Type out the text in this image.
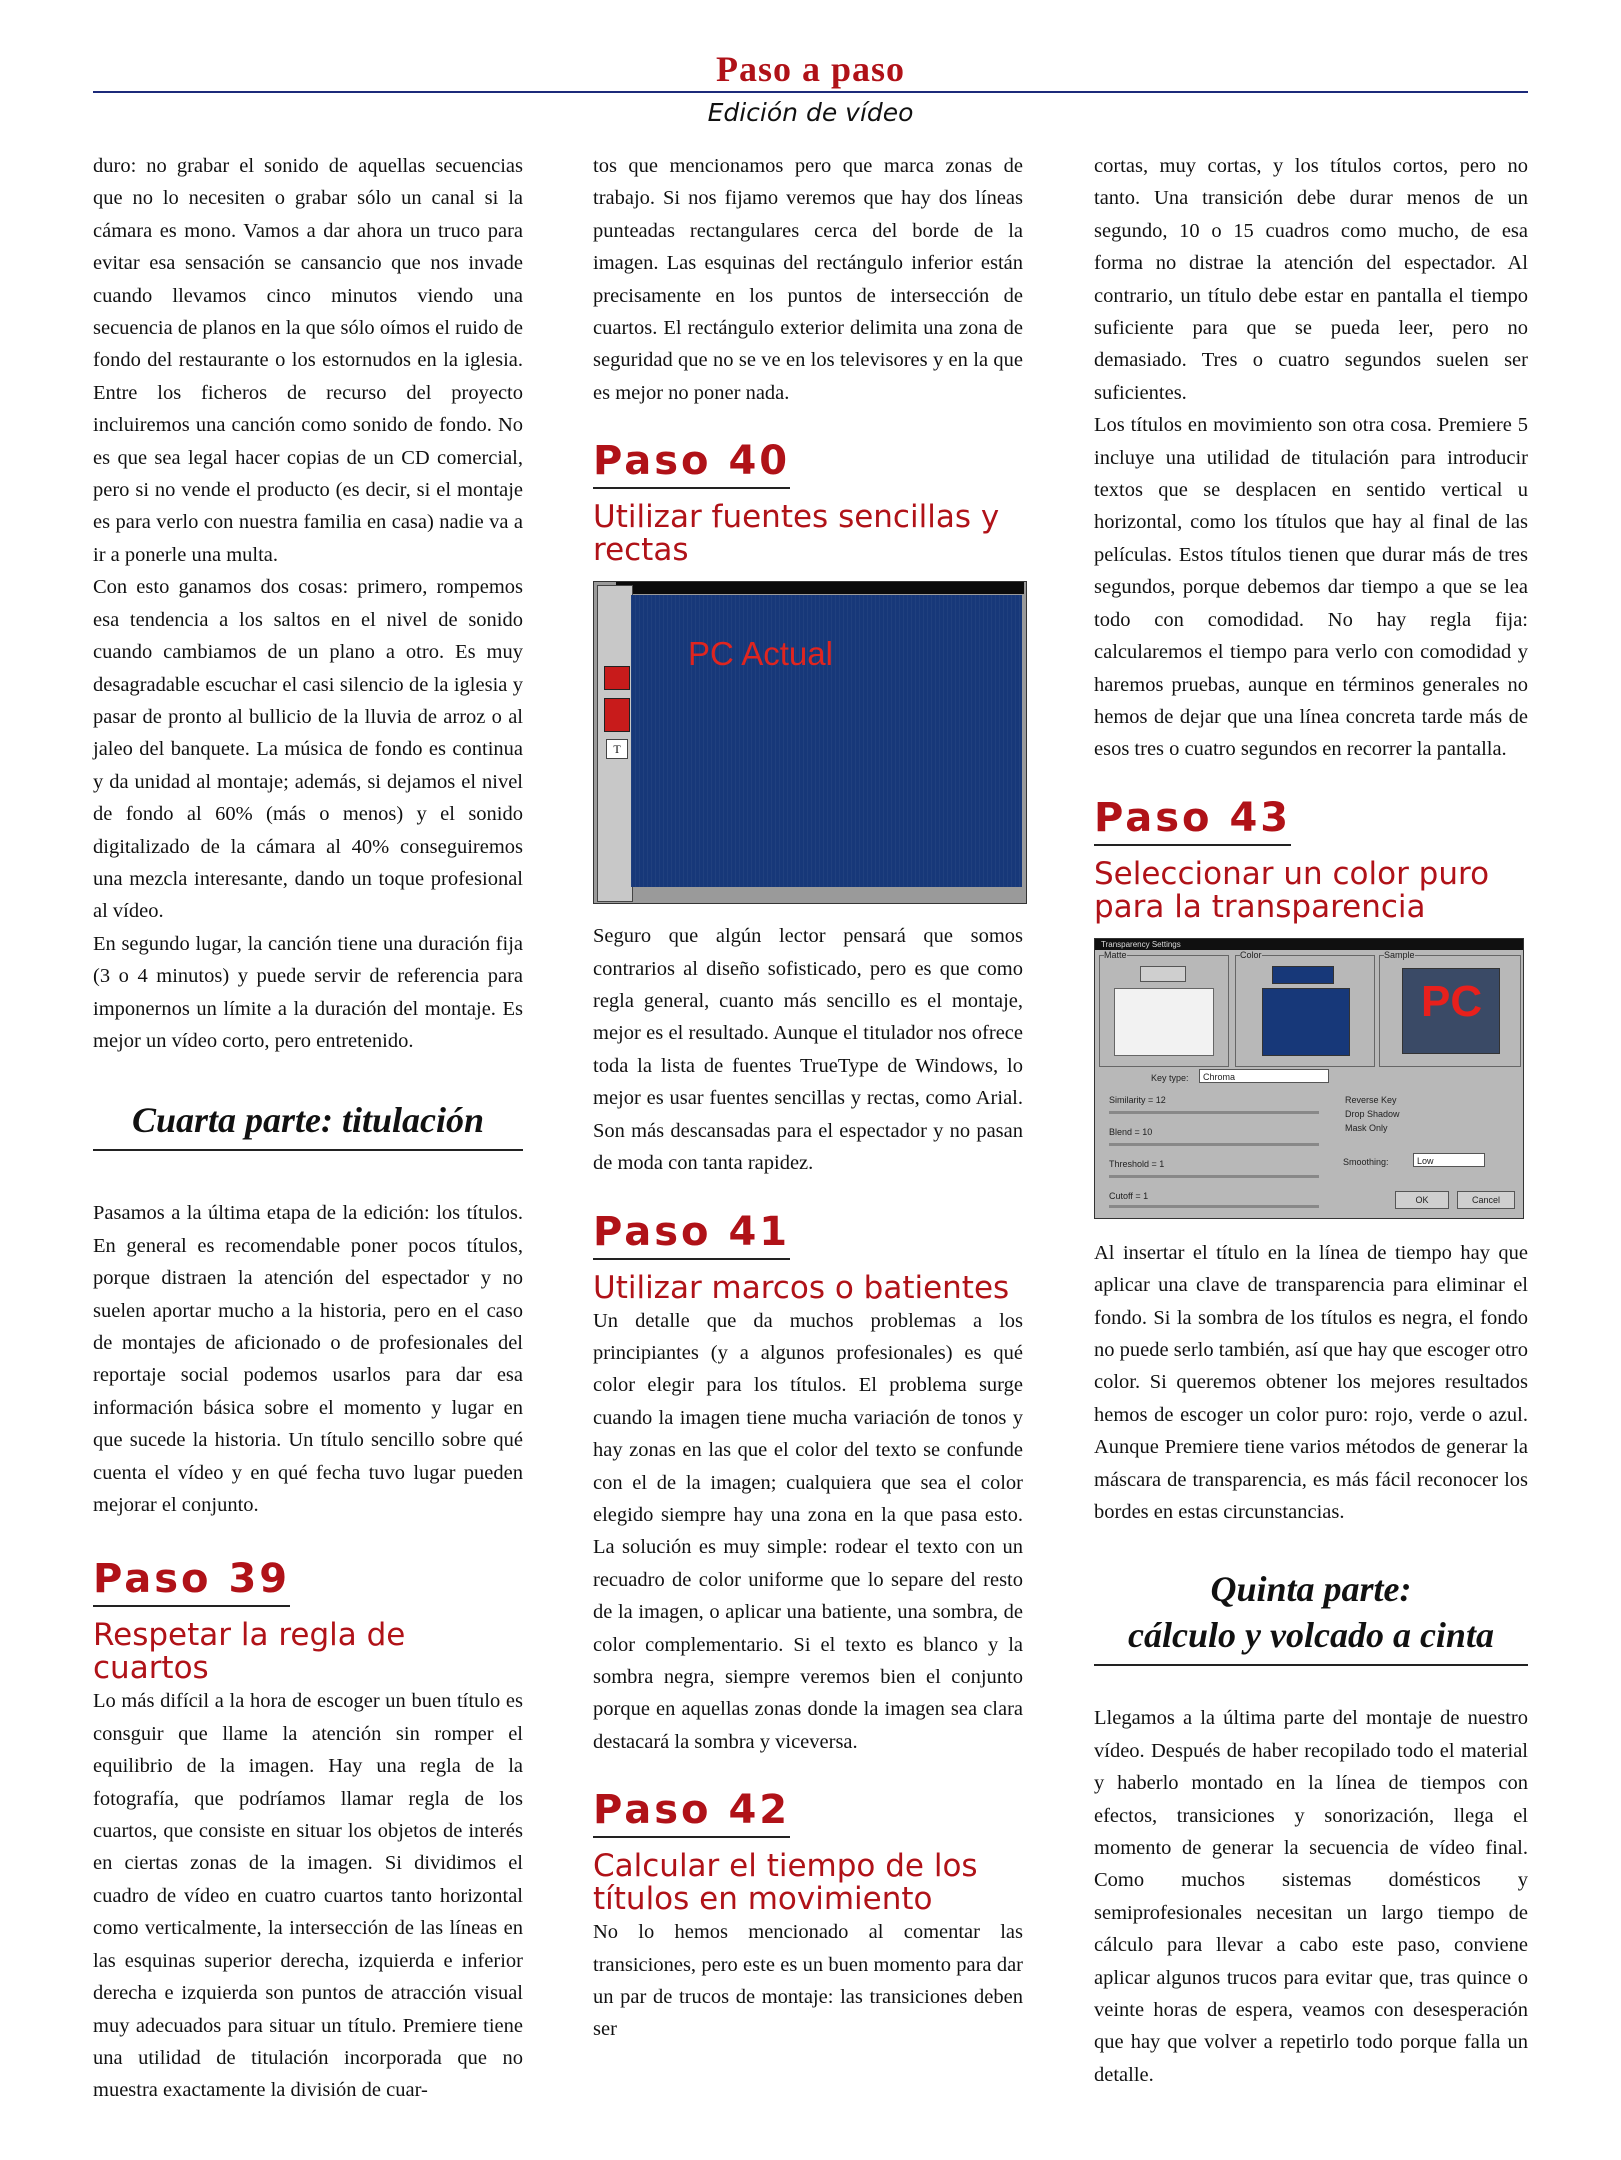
Paso a paso
Edición de vídeo

duro: no grabar el sonido de aquellas secuencias que no lo necesiten o grabar sólo un canal si la cámara es mono. Vamos a dar ahora un truco para evitar esa sensación se cansancio que nos invade cuando llevamos cinco minutos viendo una secuencia de planos en la que sólo oímos el ruido de fondo del restaurante o los estornudos en la iglesia. Entre los ficheros de recurso del proyecto incluiremos una canción como sonido de fondo. No es que sea legal hacer copias de un CD comercial, pero si no vende el producto (es decir, si el montaje es para verlo con nuestra familia en casa) nadie va a ir a ponerle una multa.

Con esto ganamos dos cosas: primero, rompemos esa tendencia a los saltos en el nivel de sonido cuando cambiamos de un plano a otro. Es muy desagradable escuchar el casi silencio de la iglesia y pasar de pronto al bullicio de la lluvia de arroz o al jaleo del banquete. La música de fondo es continua y da unidad al montaje; además, si dejamos el nivel de fondo al 60% (más o menos) y el sonido digitalizado de la cámara al 40% conseguiremos una mezcla interesante, dando un toque profesional al vídeo.

En segundo lugar, la canción tiene una duración fija (3 o 4 minutos) y puede servir de referencia para imponernos un límite a la duración del montaje. Es mejor un vídeo corto, pero entretenido.

Cuarta parte: titulación

Pasamos a la última etapa de la edición: los títulos. En general es recomendable poner pocos títulos, porque distraen la atención del espectador y no suelen aportar mucho a la historia, pero en el caso de montajes de aficionado o de profesionales del reportaje social podemos usarlos para dar esa información básica sobre el momento y lugar en que sucede la historia. Un título sencillo sobre qué cuenta el vídeo y en qué fecha tuvo lugar pueden mejorar el conjunto.

Paso 39

Respetar la regla de cuartos

Lo más difícil a la hora de escoger un buen título es consguir que llame la atención sin romper el equilibrio de la imagen. Hay una regla de la fotografía, que podríamos llamar regla de los cuartos, que consiste en situar los objetos de interés en ciertas zonas de la imagen. Si dividimos el cuadro de vídeo en cuatro cuartos tanto horizontal como verticalmente, la intersección de las líneas en las esquinas superior derecha, izquierda e inferior derecha e izquierda son puntos de atracción visual muy adecuados para situar un título. Premiere tiene una utilidad de titulación incorporada que no muestra exactamente la división de cuar-

tos que mencionamos pero que marca zonas de trabajo. Si nos fijamo veremos que hay dos líneas punteadas rectangulares cerca del borde de la imagen. Las esquinas del rectángulo inferior están precisamente en los puntos de intersección de cuartos. El rectángulo exterior delimita una zona de seguridad que no se ve en los televisores y en la que es mejor no poner nada.

Paso 40

Utilizar fuentes sencillas y rectas

T
PC Actual

Seguro que algún lector pensará que somos contrarios al diseño sofisticado, pero es que como regla general, cuanto más sencillo es el montaje, mejor es el resultado. Aunque el titulador nos ofrece toda la lista de fuentes TrueType de Windows, lo mejor es usar fuentes sencillas y rectas, como Arial. Son más descansadas para el espectador y no pasan de moda con tanta rapidez.

Paso 41

Utilizar marcos o batientes

Un detalle que da muchos problemas a los principiantes (y a algunos profesionales) es qué color elegir para los títulos. El problema surge cuando la imagen tiene mucha variación de tonos y hay zonas en las que el color del texto se confunde con el de la imagen; cualquiera que sea el color elegido siempre hay una zona en la que pasa esto. La solución es muy simple: rodear el texto con un recuadro de color uniforme que lo separe del resto de la imagen, o aplicar una batiente, una sombra, de color complementario. Si el texto es blanco y la sombra negra, siempre veremos bien el conjunto porque en aquellas zonas donde la imagen sea clara destacará la sombra y viceversa.

Paso 42

Calcular el tiempo de los títulos en movimiento

No lo hemos mencionado al comentar las transiciones, pero este es un buen momento para dar un par de trucos de montaje: las transiciones deben ser

cortas, muy cortas, y los títulos cortos, pero no tanto. Una transición debe durar menos de un segundo, 10 o 15 cuadros como mucho, de esa forma no distrae la atención del espectador. Al contrario, un título debe estar en pantalla el tiempo suficiente para que se pueda leer, pero no demasiado. Tres o cuatro segundos suelen ser suficientes.

Los títulos en movimiento son otra cosa. Premiere 5 incluye una utilidad de titulación para introducir textos que se desplacen en sentido vertical u horizontal, como los títulos que hay al final de las películas. Estos títulos tienen que durar más de tres segundos, porque debemos dar tiempo a que se lea todo con comodidad. No hay regla fija: calcularemos el tiempo para verlo con comodidad y haremos pruebas, aunque en términos generales no hemos de dejar que una línea concreta tarde más de esos tres o cuatro segundos en recorrer la pantalla.

Paso 43

Seleccionar un color puro para la transparencia

Transparency Settings
Matte	Color	Sample
PC
Key type:	Chroma
Similarity = 12
Blend = 10
Threshold = 1
Cutoff = 1
Reverse Key
Drop Shadow
Mask Only
Smoothing:	Low
OK	Cancel

Al insertar el título en la línea de tiempo hay que aplicar una clave de transparencia para eliminar el fondo. Si la sombra de los títulos es negra, el fondo no puede serlo también, así que hay que escoger otro color. Si queremos obtener los mejores resultados hemos de escoger un color puro: rojo, verde o azul. Aunque Premiere tiene varios métodos de generar la máscara de transparencia, es más fácil reconocer los bordes en estas circunstancias.

Quinta parte:
cálculo y volcado a cinta

Llegamos a la última parte del montaje de nuestro vídeo. Después de haber recopilado todo el material y haberlo montado en la línea de tiempos con efectos, transiciones y sonorización, llega el momento de generar la secuencia de vídeo final. Como muchos sistemas domésticos y semiprofesionales necesitan un largo tiempo de cálculo para llevar a cabo este paso, conviene aplicar algunos trucos para evitar que, tras quince o veinte horas de espera, veamos con desesperación que hay que volver a repetirlo todo porque falla un detalle.
